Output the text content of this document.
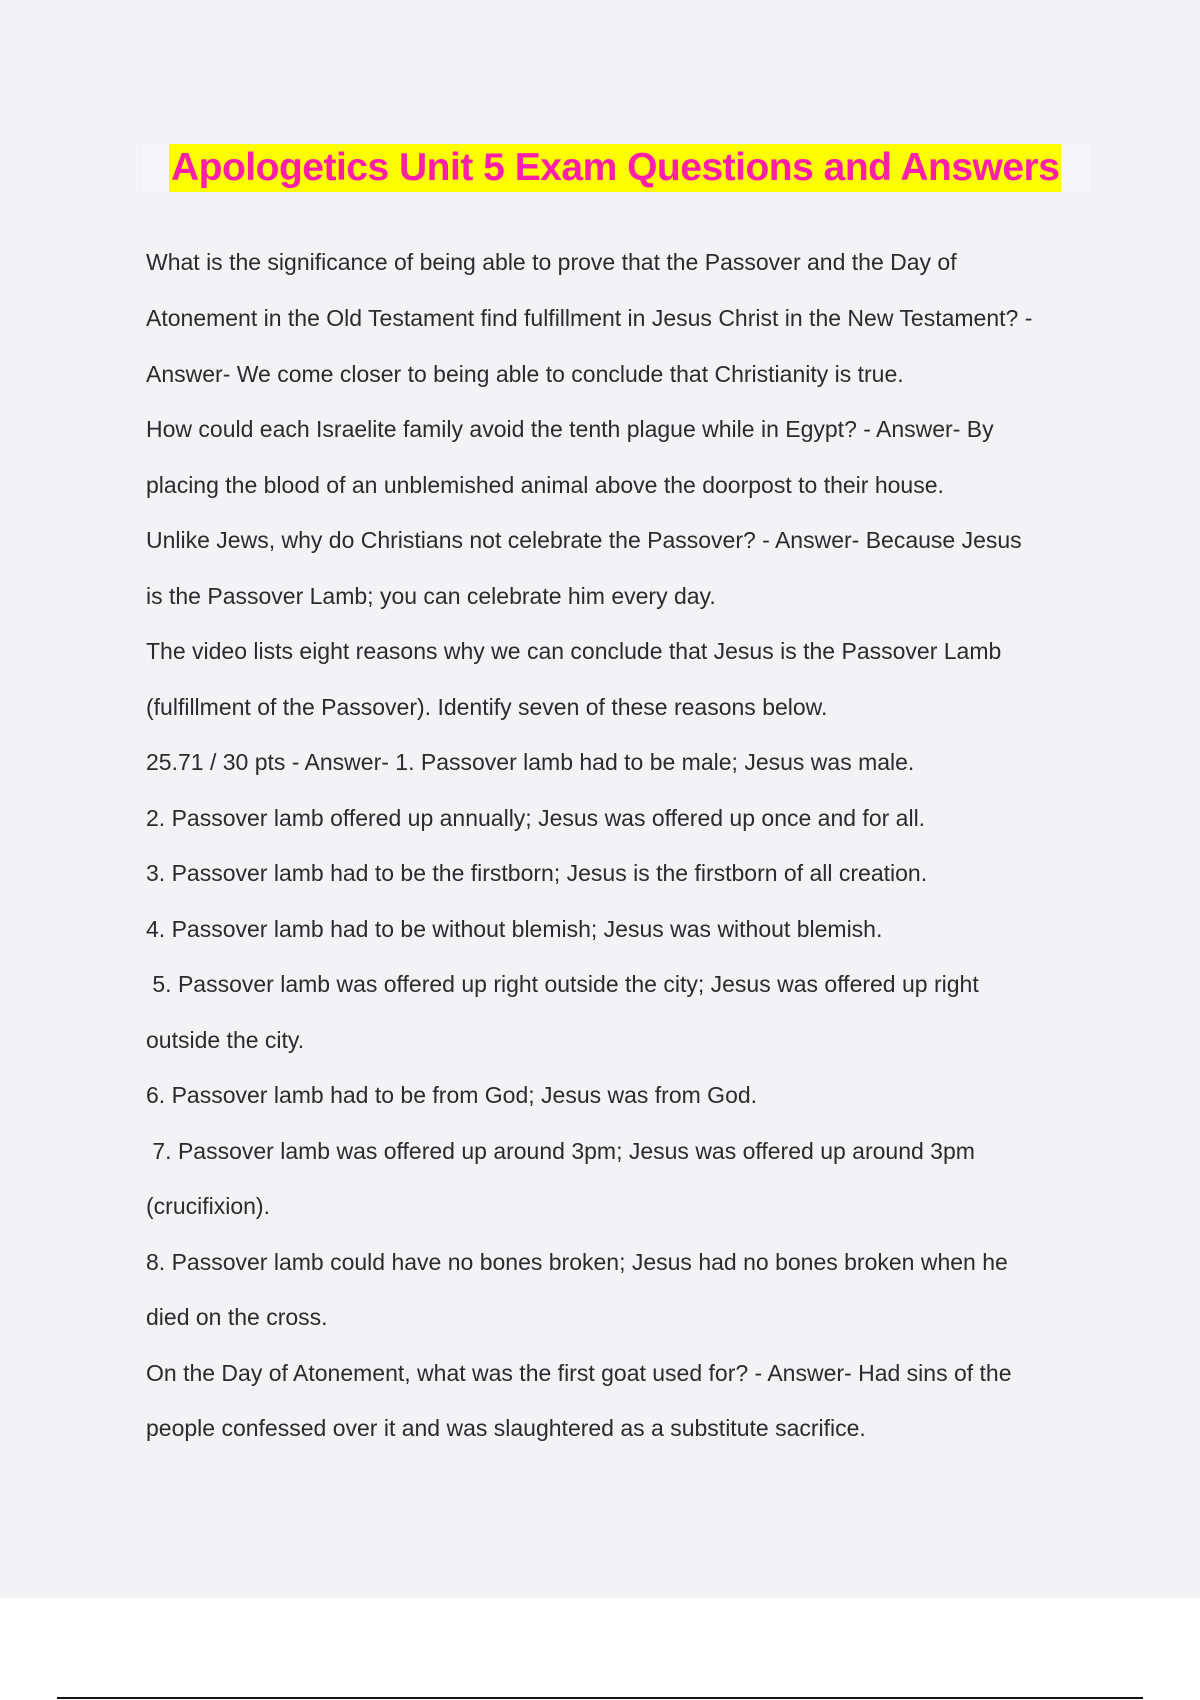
Apologetics Unit 5 Exam Questions and Answers
What is the significance of being able to prove that the Passover and the Day of
Atonement in the Old Testament find fulfillment in Jesus Christ in the New Testament? -
Answer- We come closer to being able to conclude that Christianity is true.
How could each Israelite family avoid the tenth plague while in Egypt? - Answer- By
placing the blood of an unblemished animal above the doorpost to their house.
Unlike Jews, why do Christians not celebrate the Passover? - Answer- Because Jesus
is the Passover Lamb; you can celebrate him every day.
The video lists eight reasons why we can conclude that Jesus is the Passover Lamb
(fulfillment of the Passover). Identify seven of these reasons below.
25.71 / 30 pts - Answer- 1. Passover lamb had to be male; Jesus was male.
2. Passover lamb offered up annually; Jesus was offered up once and for all.
3. Passover lamb had to be the firstborn; Jesus is the firstborn of all creation.
4. Passover lamb had to be without blemish; Jesus was without blemish.
5. Passover lamb was offered up right outside the city; Jesus was offered up right
outside the city.
6. Passover lamb had to be from God; Jesus was from God.
7. Passover lamb was offered up around 3pm; Jesus was offered up around 3pm
(crucifixion).
8. Passover lamb could have no bones broken; Jesus had no bones broken when he
died on the cross.
On the Day of Atonement, what was the first goat used for? - Answer- Had sins of the
people confessed over it and was slaughtered as a substitute sacrifice.
